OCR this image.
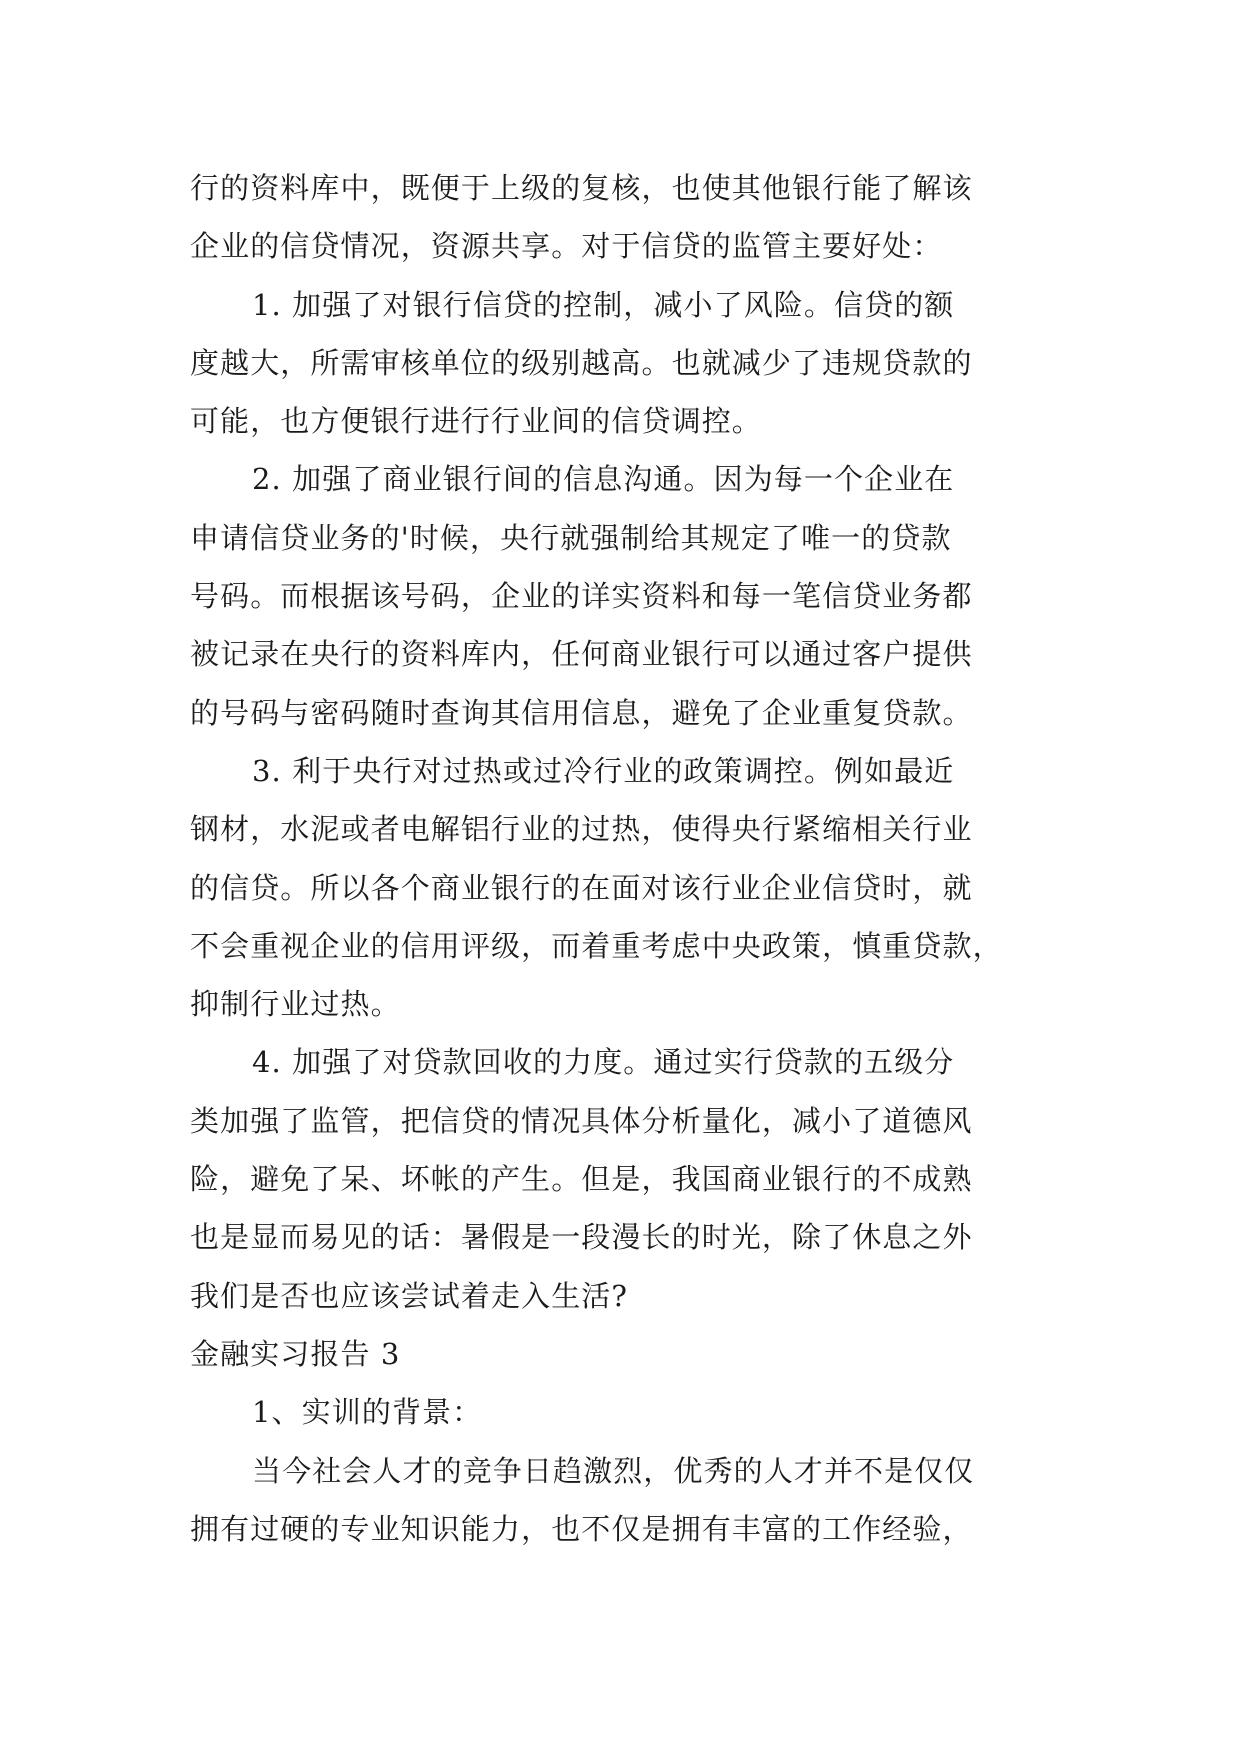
行的资料库中，既便于上级的复核，也使其他银行能了解该
企业的信贷情况，资源共享。对于信贷的监管主要好处：
1. 加强了对银行信贷的控制，减小了风险。信贷的额
度越大，所需审核单位的级别越高。也就减少了违规贷款的
可能，也方便银行进行行业间的信贷调控。
2. 加强了商业银行间的信息沟通。因为每一个企业在
申请信贷业务的'时候，央行就强制给其规定了唯一的贷款
号码。而根据该号码，企业的详实资料和每一笔信贷业务都
被记录在央行的资料库内，任何商业银行可以通过客户提供
的号码与密码随时查询其信用信息，避免了企业重复贷款。
3. 利于央行对过热或过冷行业的政策调控。例如最近
钢材，水泥或者电解铝行业的过热，使得央行紧缩相关行业
的信贷。所以各个商业银行的在面对该行业企业信贷时，就
不会重视企业的信用评级，而着重考虑中央政策，慎重贷款，
抑制行业过热。
4. 加强了对贷款回收的力度。通过实行贷款的五级分
类加强了监管，把信贷的情况具体分析量化，减小了道德风
险，避免了呆、坏帐的产生。但是，我国商业银行的不成熟
也是显而易见的话：暑假是一段漫长的时光，除了休息之外
我们是否也应该尝试着走入生活?
金融实习报告 3
1、实训的背景：
当今社会人才的竞争日趋激烈，优秀的人才并不是仅仅
拥有过硬的专业知识能力，也不仅是拥有丰富的工作经验，
